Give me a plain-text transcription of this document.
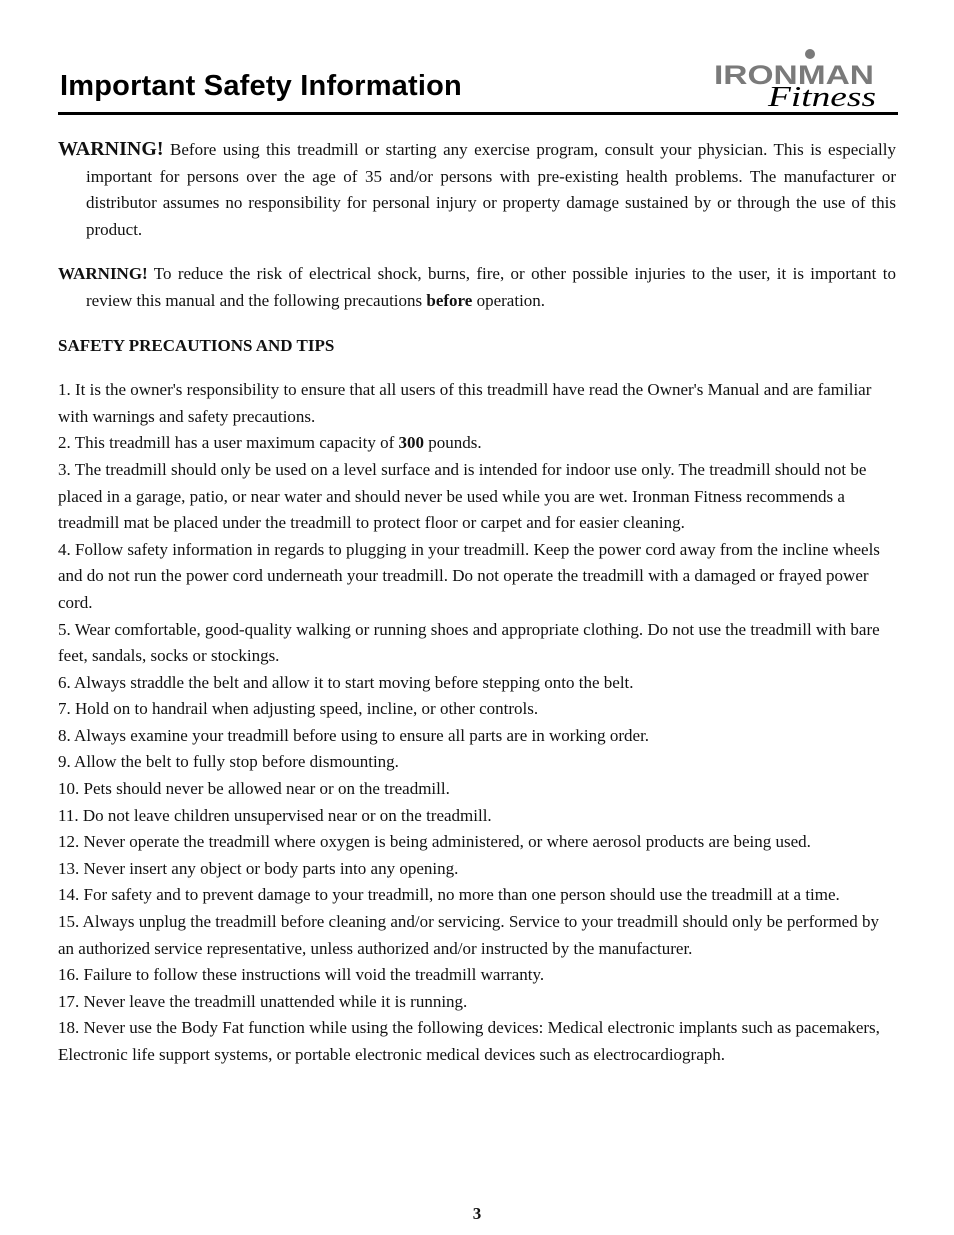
Important Safety Information	IRONMAN
Fitness

WARNING! Before using this treadmill or starting any exercise program, consult your physician. This is especially important for persons over the age of 35 and/or persons with pre-existing health problems. The manufacturer or distributor assumes no responsibility for personal injury or property damage sustained by or through the use of this product.

WARNING! To reduce the risk of electrical shock, burns, fire, or other possible injuries to the user, it is important to review this manual and the following precautions before operation.

SAFETY PRECAUTIONS AND TIPS

1. It is the owner's responsibility to ensure that all users of this treadmill have read the Owner's Manual and are familiar with warnings and safety precautions.
2. This treadmill has a user maximum capacity of 300 pounds.
3. The treadmill should only be used on a level surface and is intended for indoor use only. The treadmill should not be placed in a garage, patio, or near water and should never be used while you are wet. Ironman Fitness recommends a treadmill mat be placed under the treadmill to protect floor or carpet and for easier cleaning.
4. Follow safety information in regards to plugging in your treadmill. Keep the power cord away from the incline wheels and do not run the power cord underneath your treadmill. Do not operate the treadmill with a damaged or frayed power cord.
5. Wear comfortable, good-quality walking or running shoes and appropriate clothing. Do not use the treadmill with bare feet, sandals, socks or stockings.
6. Always straddle the belt and allow it to start moving before stepping onto the belt.
7. Hold on to handrail when adjusting speed, incline, or other controls.
8. Always examine your treadmill before using to ensure all parts are in working order.
9. Allow the belt to fully stop before dismounting.
10. Pets should never be allowed near or on the treadmill.
11. Do not leave children unsupervised near or on the treadmill.
12. Never operate the treadmill where oxygen is being administered, or where aerosol products are being used.
13. Never insert any object or body parts into any opening.
14. For safety and to prevent damage to your treadmill, no more than one person should use the treadmill at a time.
15. Always unplug the treadmill before cleaning and/or servicing. Service to your treadmill should only be performed by an authorized service representative, unless authorized and/or instructed by the manufacturer.
16. Failure to follow these instructions will void the treadmill warranty.
17. Never leave the treadmill unattended while it is running.
18. Never use the Body Fat function while using the following devices: Medical electronic implants such as pacemakers, Electronic life support systems, or portable electronic medical devices such as electrocardiograph.
3
